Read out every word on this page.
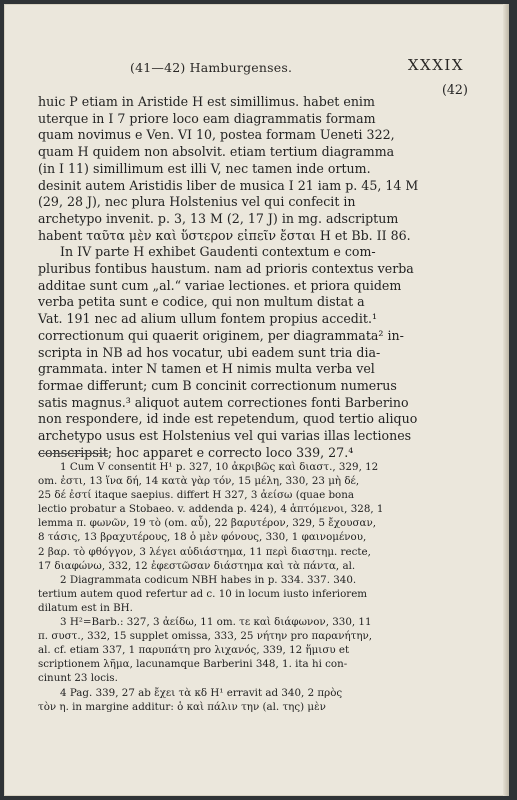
(41—42) Hamburgenses.	XXXIX
(42)
huic P etiam in Aristide H est simillimus. habet enim
uterque in I 7 priore loco eam diagrammatis formam
quam novimus e Ven. VI 10, postea formam Ueneti 322,
quam H quidem non absolvit. etiam tertium diagramma
(in I 11) simillimum est illi V, nec tamen inde ortum.
desinit autem Aristidis liber de musica I 21 iam p. 45, 14 M
(29, 28 J), nec plura Holstenius vel qui confecit in
archetypo invenit. p. 3, 13 M (2, 17 J) in mg. adscriptum
habent ταῦτα μὲν καὶ ὕστερον εἰπεῖν ἔσται H et Bb. II 86.
In IV parte H exhibet Gaudenti contextum e com-
pluribus fontibus haustum. nam ad prioris contextus verba
additae sunt cum „al.“ variae lectiones. et priora quidem
verba petita sunt e codice, qui non multum distat a
Vat. 191 nec ad alium ullum fontem propius accedit.¹
correctionum qui quaerit originem, per diagrammata² in-
scripta in NB ad hos vocatur, ubi eadem sunt tria dia-
grammata. inter N tamen et H nimis multa verba vel
formae differunt; cum B concinit correctionum numerus
satis magnus.³ aliquot autem correctiones fonti Barberino
non respondere, id inde est repetendum, quod tertio aliquo
archetypo usus est Holstenius vel qui varias illas lectiones
conscripsit; hoc apparet e correcto loco 339, 27.⁴
1 Cum V consentit H¹ p. 327, 10 ἀκριβῶς καὶ διαστ., 329, 12
om. ἐστι, 13 ἵνα δή, 14 κατὰ γὰρ τόν, 15 μέλη, 330, 23 μὴ δέ,
25 δέ ἐστί itaque saepius. differt H 327, 3 ἀείσω (quae bona
lectio probatur a Stobaeo. v. addenda p. 424), 4 ἁπτόμενοι, 328, 1
lemma π. φωνῶν, 19 τὸ (om. αὖ), 22 βαρυτέρον, 329, 5 ἔχουσαν,
8 τάσις, 13 βραχυτέρους, 18 ὁ μὲν φόνους, 330, 1 φαινομένου,
2 βαρ. τὸ φθόγγον, 3 λέγει αὐδιάστημα, 11 περὶ διαστημ. recte,
17 διαφώνω, 332, 12 ἐφεστῶσαν διάστημα καὶ τὰ πάντα, al.
2 Diagrammata codicum NBH habes in p. 334. 337. 340.
tertium autem quod refertur ad c. 10 in locum iusto inferiorem
dilatum est in BH.
3 H²=Barb.: 327, 3 ἀείδω, 11 om. τε καὶ διάφωνον, 330, 11
π. συστ., 332, 15 supplet omissa, 333, 25 νήτην pro παρανήτην,
al. cf. etiam 337, 1 παρυπάτη pro λιχανός, 339, 12 ἥμισυ et
scriptionem λῆμα, lacunamque Barberini 348, 1. ita hi con-
cinunt 23 locis.
4 Pag. 339, 27 ab ἔχει τὰ κδ H¹ erravit ad 340, 2 πρὸς
τὸν η. in margine additur: ὁ καὶ πάλιν την (al. της) μὲν
